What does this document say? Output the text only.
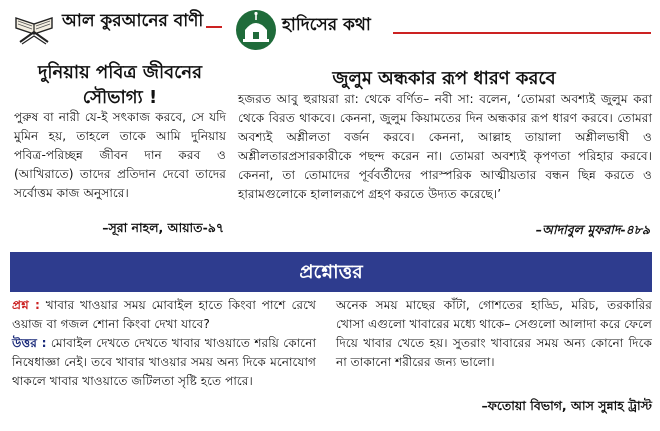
আল কুরআনের বাণী	হাদিসের কথা
দুনিয়ায় পবিত্র জীবনের সৌভাগ্য !
পুরুষ বা নারী যে-ই সৎকাজ করবে, সে যদি মুমিন হয়, তাহলে তাকে আমি দুনিয়ায় পবিত্র-পরিচ্ছন্ন জীবন দান করব ও (আখিরাতে) তাদের প্রতিদান দেবো তাদের সর্বোত্তম কাজ অনুসারে।
–সূরা নাহল, আয়াত-৯৭
জুলুম অন্ধকার রূপ ধারণ করবে
হজরত আবু হুরায়রা রা: থেকে বর্ণিত– নবী সা: বলেন, ‘তোমরা অবশ্যই জুলুম করা থেকে বিরত থাকবে। কেননা, জুলুম কিয়ামতের দিন অন্ধকার রূপ ধারণ করবে। তোমরা অবশ্যই অশ্লীলতা বর্জন করবে। কেননা, আল্লাহ তায়ালা অশ্লীলভাষী ও অশ্লীলতারপ্রসারকারীকে পছন্দ করেন না। তোমরা অবশ্যই কৃপণতা পরিহার করবে। কেননা, তা তোমাদের পূর্ববর্তীদের পারস্পরিক আত্মীয়তার বন্ধন ছিন্ন করতে ও হারামগুলোকে হালালরূপে গ্রহণ করতে উদ্যত করেছে।’
–আদাবুল মুফরাদ-৪৮৯
প্রশ্নোত্তর
প্রশ্ন : খাবার খাওয়ার সময় মোবাইল হাতে কিংবা পাশে রেখে ওয়াজ বা গজল শোনা কিংবা দেখা যাবে?
উত্তর : মোবাইল দেখতে দেখতে খাবার খাওয়াতে শরয়ি কোনো নিষেধাজ্ঞা নেই। তবে খাবার খাওয়ার সময় অন্য দিকে মনোযোগ থাকলে খাবার খাওয়াতে জটিলতা সৃষ্টি হতে পারে।
অনেক সময় মাছের কাঁটা, গোশতের হাড্ডি, মরিচ, তরকারির খোসা এগুলো খাবারের মধ্যে থাকে– সেগুলো আলাদা করে ফেলে দিয়ে খাবার খেতে হয়। সুতরাং খাবারের সময় অন্য কোনো দিকে না তাকানো শরীরের জন্য ভালো।
–ফতোয়া বিভাগ, আস সুন্নাহ ট্রাস্ট
